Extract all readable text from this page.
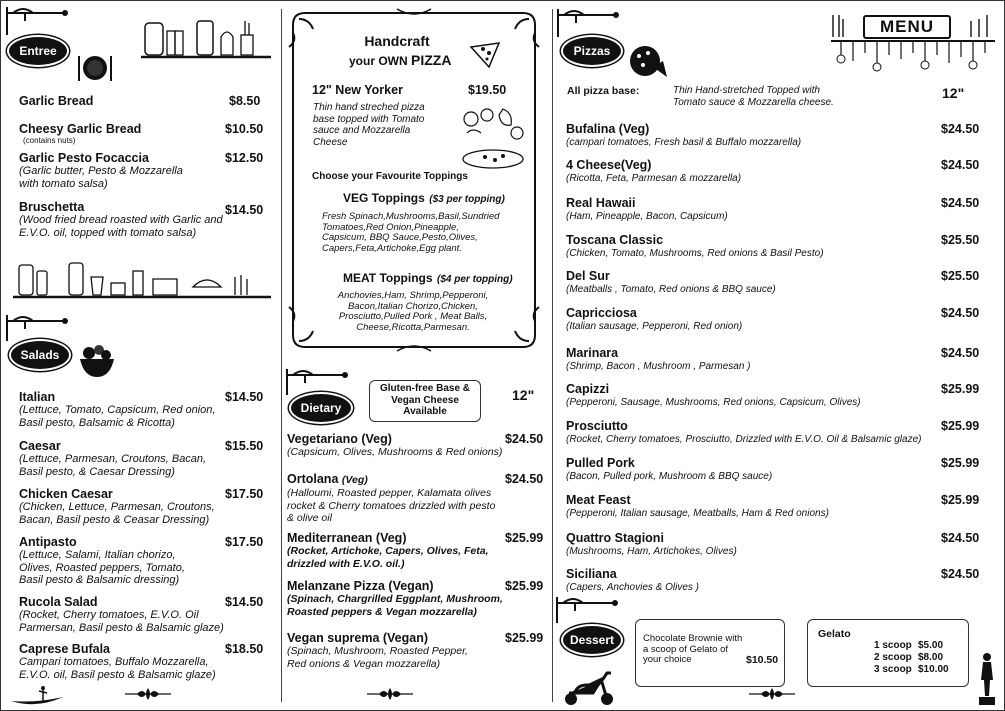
Entree
Garlic Bread	$8.50
Cheesy Garlic Bread	$10.50
(contains nuts)
Garlic Pesto Focaccia	$12.50
(Garlic butter, Pesto & Mozzarella
with tomato salsa)
Bruschetta	$14.50
(Wood fried bread roasted with Garlic and
E.V.O. oil, topped with tomato salsa)
Salads
Italian	$14.50
(Lettuce, Tomato, Capsicum, Red onion,
Basil pesto, Balsamic & Ricotta)
Caesar	$15.50
(Lettuce, Parmesan, Croutons, Bacan,
Basil pesto, & Caesar Dressing)
Chicken Caesar	$17.50
(Chicken, Lettuce, Parmesan, Croutons,
Bacan, Basil pesto & Ceasar Dressing)
Antipasto	$17.50
(Lettuce, Salami, Italian chorizo,
Olives, Roasted peppers, Tomato,
Basil pesto & Balsamic dressing)
Rucola Salad	$14.50
(Rocket, Cherry tomatoes, E.V.O. Oil
Parmersan, Basil pesto & Balsamic glaze)
Caprese Bufala	$18.50
Campari tomatoes, Buffalo Mozzarella,
E.V.O. oil, Basil pesto & Balsamic glaze)
Handcraft
your OWN PIZZA
12" New Yorker	$19.50
Thin hand streched pizza
base topped with Tomato
sauce and Mozzarella
Cheese
Choose your Favourite Toppings
VEG Toppings ($3 per topping)
Fresh Spinach,Mushrooms,Basil,Sundried
Tomatoes,Red Onion,Pineapple,
Capsicum, BBQ Sauce,Pesto,Olives,
Capers,Feta,Artichoke,Egg plant.
MEAT Toppings ($4 per topping)
Anchovies,Ham, Shrimp,Pepperoni,
Bacon,Italian Chorizo,Chicken,
Prosciutto,Pulled Pork , Meat Balls,
Cheese,Ricotta,Parmesan.
Dietary
Gluten-free Base &
Vegan Cheese
Available
12"
Vegetariano (Veg)	$24.50
(Capsicum, Olives, Mushrooms & Red onions)
Ortolana (Veg)	$24.50
(Halloumi, Roasted pepper, Kalamata olives
rocket & Cherry tomatoes drizzled with pesto
& olive oil
Mediterranean (Veg)	$25.99
(Rocket, Artichoke, Capers, Olives, Feta,
drizzled with E.V.O. oil.)
Melanzane Pizza (Vegan)	$25.99
(Spinach, Chargrilled Eggplant, Mushroom,
Roasted peppers & Vegan mozzarella)
Vegan suprema (Vegan)	$25.99
(Spinach, Mushroom, Roasted Pepper,
Red onions & Vegan mozzarella)
Pizzas
MENU
All pizza base:	Thin Hand-stretched Topped with
Tomato sauce & Mozzarella cheese.
12"
Bufalina (Veg)	$24.50
(campari tomatoes, Fresh basil & Buffalo mozzarella)
4 Cheese(Veg)	$24.50
(Ricotta, Feta, Parmesan & mozzarella)
Real Hawaii	$24.50
(Ham, Pineapple, Bacon, Capsicum)
Toscana Classic	$25.50
(Chicken, Tomato, Mushrooms, Red onions & Basil Pesto)
Del Sur	$25.50
(Meatballs , Tomato, Red onions & BBQ sauce)
Capricciosa	$24.50
(Italian sausage, Pepperoni, Red onion)
Marinara	$24.50
(Shrimp, Bacon , Mushroom , Parmesan )
Capizzi	$25.99
(Pepperoni, Sausage, Mushrooms, Red onions, Capsicum, Olives)
Prosciutto	$25.99
(Rocket, Cherry tomatoes, Prosciutto, Drizzled with E.V.O. Oil & Balsamic glaze)
Pulled Pork	$25.99
(Bacon, Pulled pork, Mushroom & BBQ sauce)
Meat Feast	$25.99
(Pepperoni, Italian sausage, Meatballs, Ham & Red onions)
Quattro Stagioni	$24.50
(Mushrooms, Ham, Artichokes, Olives)
Siciliana	$24.50
(Capers, Anchovies & Olives )
Dessert	Chocolate Brownie with
a scoop of Gelato of
your choice	$10.50
Gelato
1 scoop $5.00
2 scoop $8.00
3 scoop $10.00
